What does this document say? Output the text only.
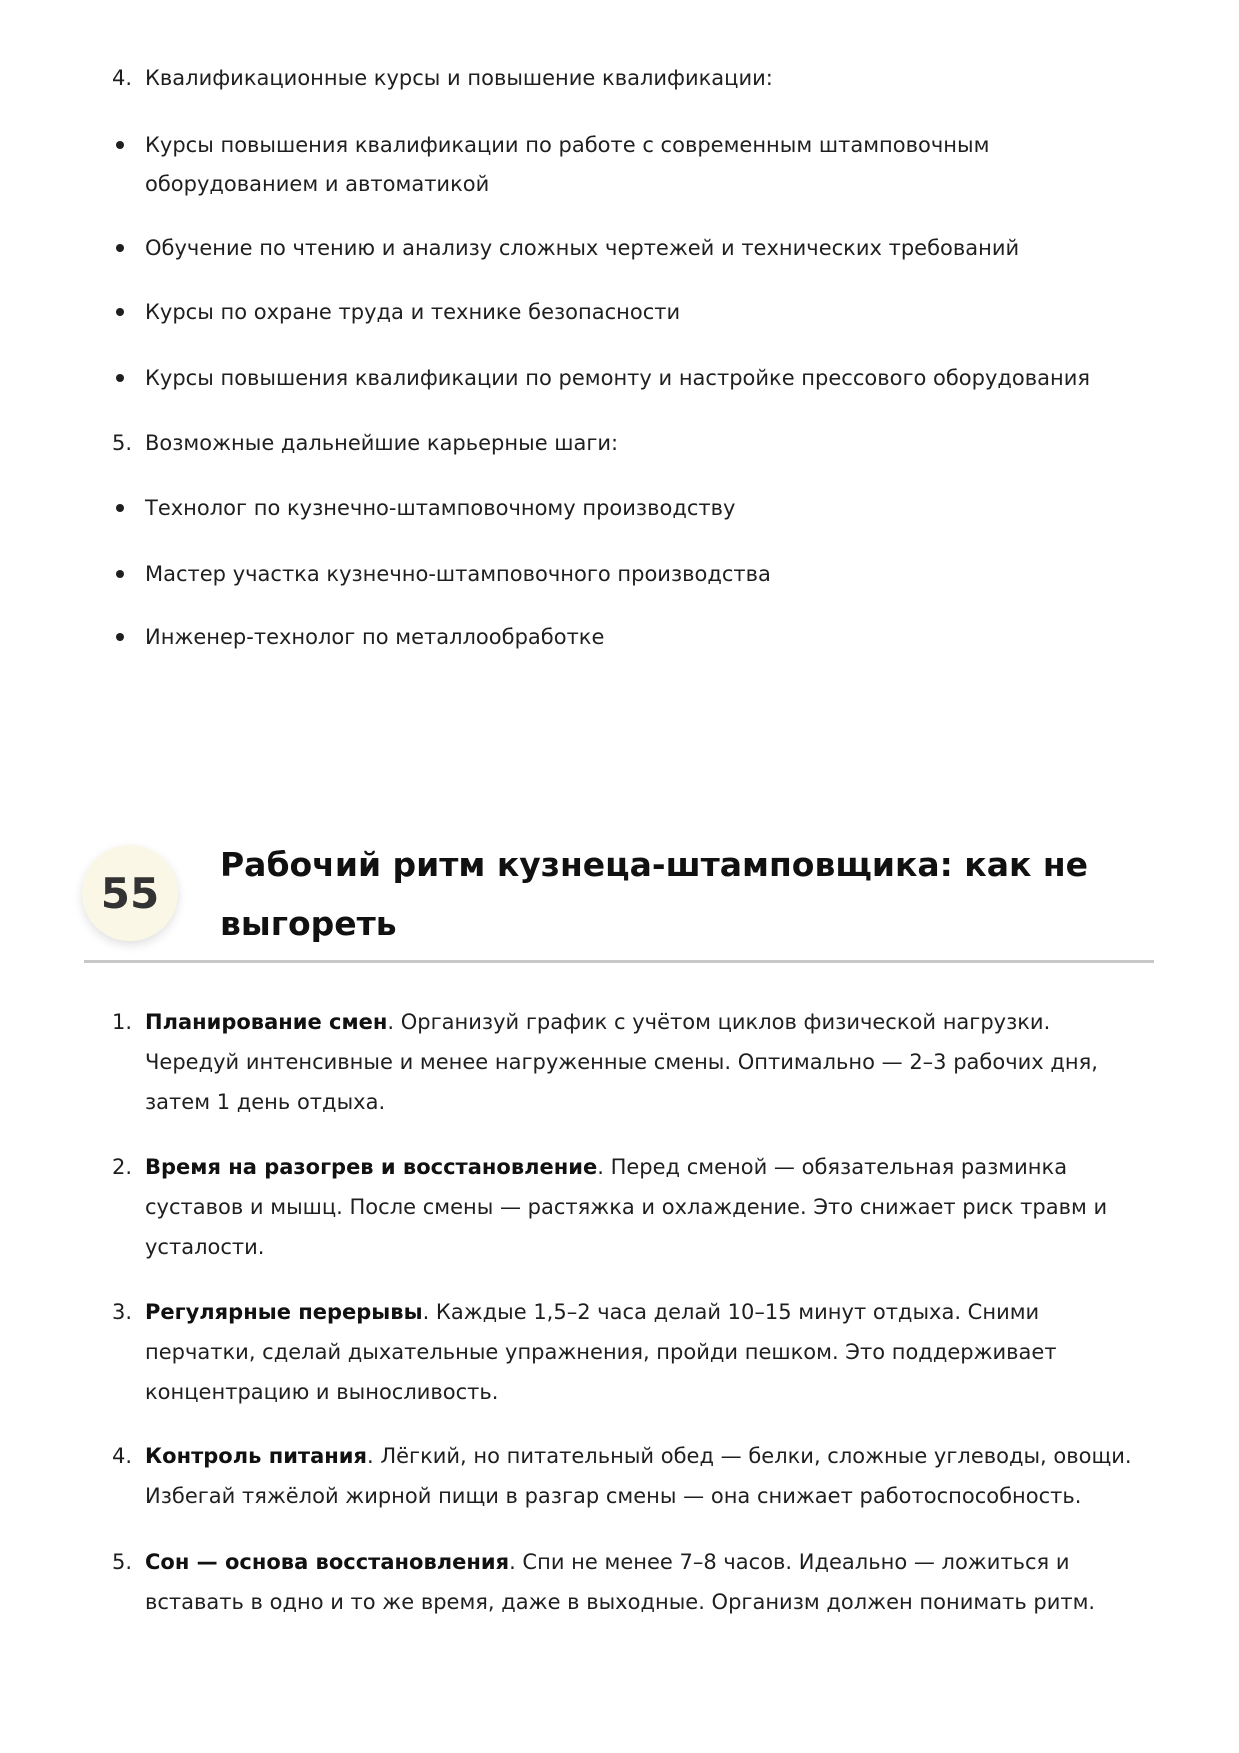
4. Квалификационные курсы и повышение квалификации:
Курсы повышения квалификации по работе с современным штамповочным
оборудованием и автоматикой
Обучение по чтению и анализу сложных чертежей и технических требований
Курсы по охране труда и технике безопасности
Курсы повышения квалификации по ремонту и настройке прессового оборудования
5. Возможные дальнейшие карьерные шаги:
Технолог по кузнечно-штамповочному производству
Мастер участка кузнечно-штамповочного производства
Инженер-технолог по металлообработке
55
Рабочий ритм кузнеца-штамповщика: как не
выгореть
1. Планирование смен. Организуй график с учётом циклов физической нагрузки.
Чередуй интенсивные и менее нагруженные смены. Оптимально — 2–3 рабочих дня,
затем 1 день отдыха.
2. Время на разогрев и восстановление. Перед сменой — обязательная разминка
суставов и мышц. После смены — растяжка и охлаждение. Это снижает риск травм и
усталости.
3. Регулярные перерывы. Каждые 1,5–2 часа делай 10–15 минут отдыха. Сними
перчатки, сделай дыхательные упражнения, пройди пешком. Это поддерживает
концентрацию и выносливость.
4. Контроль питания. Лёгкий, но питательный обед — белки, сложные углеводы, овощи.
Избегай тяжёлой жирной пищи в разгар смены — она снижает работоспособность.
5. Сон — основа восстановления. Спи не менее 7–8 часов. Идеально — ложиться и
вставать в одно и то же время, даже в выходные. Организм должен понимать ритм.
